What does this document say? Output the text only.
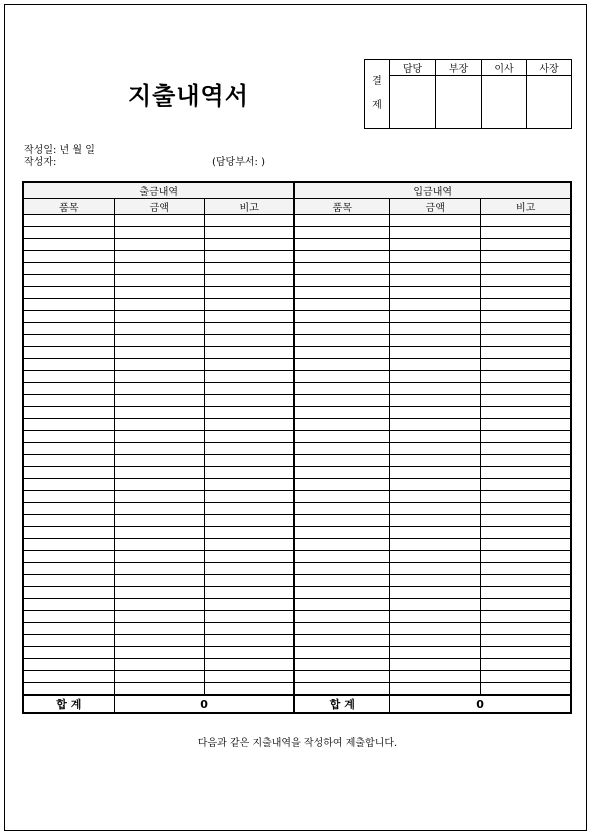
지출내역서
결
제	담당	부장	이사	사장

작성일: 년 월 일
작성자:	(담당부서: )
출금내역			입금내역		
품목	금액	비고	품목	금액	비고

합 계	0		합 계	0	
다음과 같은 지출내역을 작성하여 제출합니다.
